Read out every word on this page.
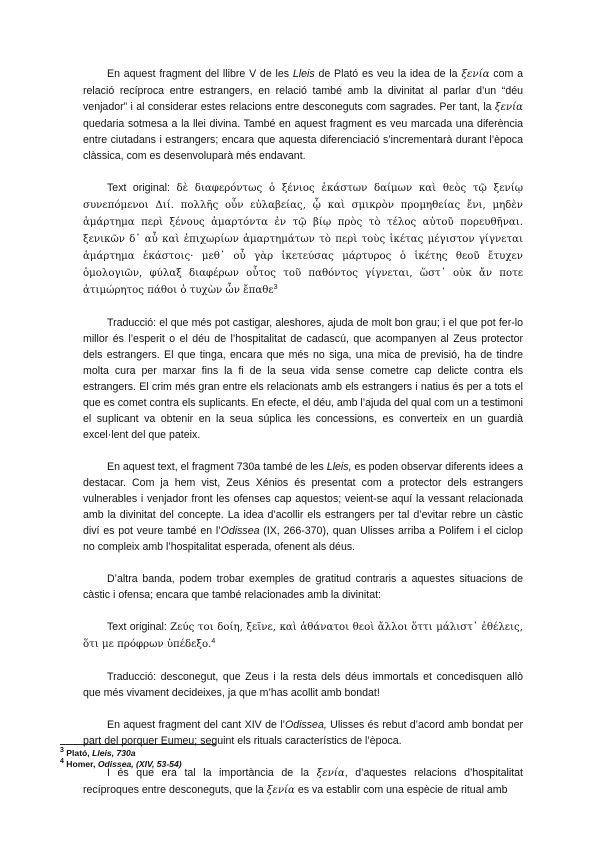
En aquest fragment del llibre V de les Lleis de Plató es veu la idea de la ξενία com a relació recíproca entre estrangers, en relació també amb la divinitat al parlar d’un “déu venjador” i al considerar estes relacions entre desconeguts com sagrades. Per tant, la ξενία quedaria sotmesa a la llei divina. També en aquest fragment es veu marcada una diferència entre ciutadans i estrangers; encara que aquesta diferenciació s’incrementarà durant l’època clàssica, com es desenvoluparà més endavant.

Text original: δὲ διαφερόντως ὁ ξένιος ἑκάστων δαίμων καὶ θεὸς τῷ ξενίῳ συνεπόμενοι Διί. πολλῆς οὖν εὐλαβείας, ᾧ καὶ σμικρὸν προμηθείας ἔνι, μηδὲν ἁμάρτημα περὶ ξένους ἁμαρτόντα ἐν τῷ βίῳ πρὸς τὸ τέλος αὐτοῦ πορευθῆναι. ξενικῶν δ᾽ αὖ καὶ ἐπιχωρίων ἁμαρτημάτων τὸ περὶ τοὺς ἱκέτας μέγιστον γίγνεται ἁμάρτημα ἑκάστοις· μεθ᾽ οὗ γὰρ ἱκετεύσας μάρτυρος ὁ ἱκέτης θεοῦ ἔτυχεν ὁμολογιῶν, φύλαξ διαφέρων οὗτος τοῦ παθόντος γίγνεται, ὥστ᾽ οὐκ ἄν ποτε ἀτιμώρητος πάθοι ὁ τυχὼν ὧν ἔπαθε$^3$

Traducció: el que més pot castigar, aleshores, ajuda de molt bon grau; i el que pot fer-lo millor és l’esperit o el déu de l’hospitalitat de cadascú, que acompanyen al Zeus protector dels estrangers. El que tinga, encara que més no siga, una mica de previsió, ha de tindre molta cura per marxar fins la fi de la seua vida sense cometre cap delicte contra els estrangers. El crim més gran entre els relacionats amb els estrangers i natius és per a tots el que es comet contra els suplicants. En efecte, el déu, amb l’ajuda del qual com un a testimoni el suplicant va obtenir en la seua súplica les concessions, es converteix en un guardià excel·lent del que pateix.

En aquest text, el fragment 730a també de les Lleis, es poden observar diferents idees a destacar. Com ja hem vist, Zeus Xénios és presentat com a protector dels estrangers vulnerables i venjador front les ofenses cap aquestos; veient-se aquí la vessant relacionada amb la divinitat del concepte. La idea d’acollir els estrangers per tal d’evitar rebre un càstic diví es pot veure també en l’Odissea (IX, 266-370), quan Ulisses arriba a Polifem i el ciclop no compleix amb l’hospitalitat esperada, ofenent als déus.

D’altra banda, podem trobar exemples de gratitud contraris a aquestes situacions de càstic i ofensa; encara que també relacionades amb la divinitat:

Text original: Ζεύς τοι δοίη, ξεῖνε, καὶ ἀθάνατοι θεοὶ ἄλλοι ὅττι μάλιστ᾽ ἐθέλεις, ὅτι με πρόφρων ὑπέδεξο.$^4$

Traducció: desconegut, que Zeus i la resta dels déus immortals et concedisquen allò que més vivament decideixes, ja que m’has acollit amb bondat!

En aquest fragment del cant XIV de l’Odissea, Ulisses és rebut d’acord amb bondat per part del porquer Eumeu; seguint els rituals característics de l’època.

I és que era tal la importància de la ξενία, d’aquestes relacions d’hospitalitat recíproques entre desconeguts, que la ξενία es va establir com una espècie de ritual amb

$^3$ Plató, Lleis, 730a
$^4$ Homer, Odissea, (XIV, 53-54)
